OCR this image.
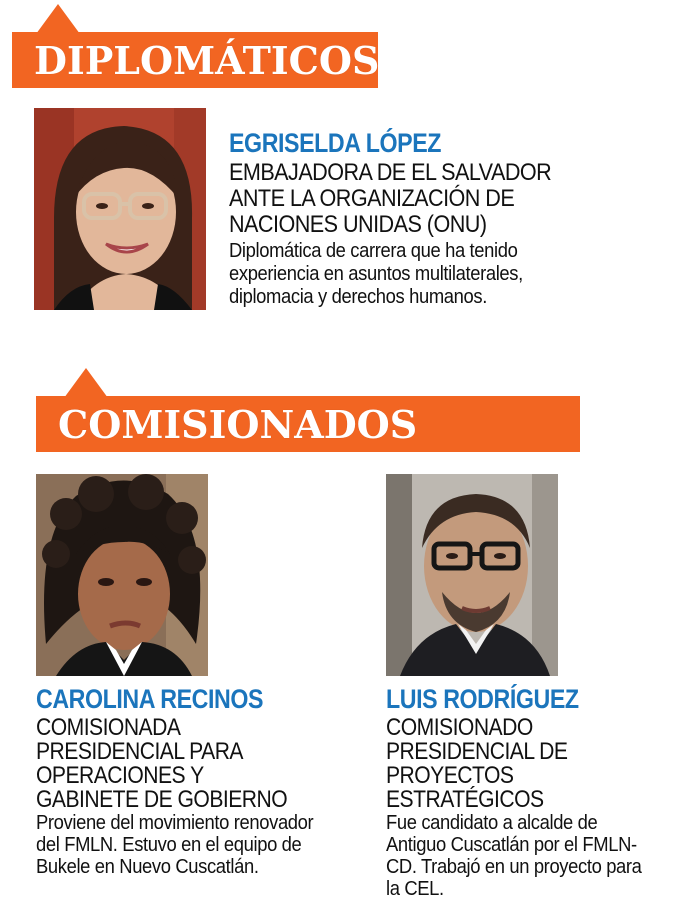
DIPLOMÁTICOS
EGRISELDA LÓPEZ
EMBAJADORA DE EL SALVADOR ANTE LA ORGANIZACIÓN DE NACIONES UNIDAS (ONU)
Diplomática de carrera que ha tenido experiencia en asuntos multilaterales, diplomacia y derechos humanos.
COMISIONADOS
CAROLINA RECINOS
COMISIONADA PRESIDENCIAL PARA OPERACIONES Y GABINETE DE GOBIERNO
Proviene del movimiento renovador del FMLN. Estuvo en el equipo de Bukele en Nuevo Cuscatlán.
LUIS RODRÍGUEZ
COMISIONADO PRESIDENCIAL DE PROYECTOS ESTRATÉGICOS
Fue candidato a alcalde de Antiguo Cuscatlán por el FMLN-CD. Trabajó en un proyecto para la CEL.
